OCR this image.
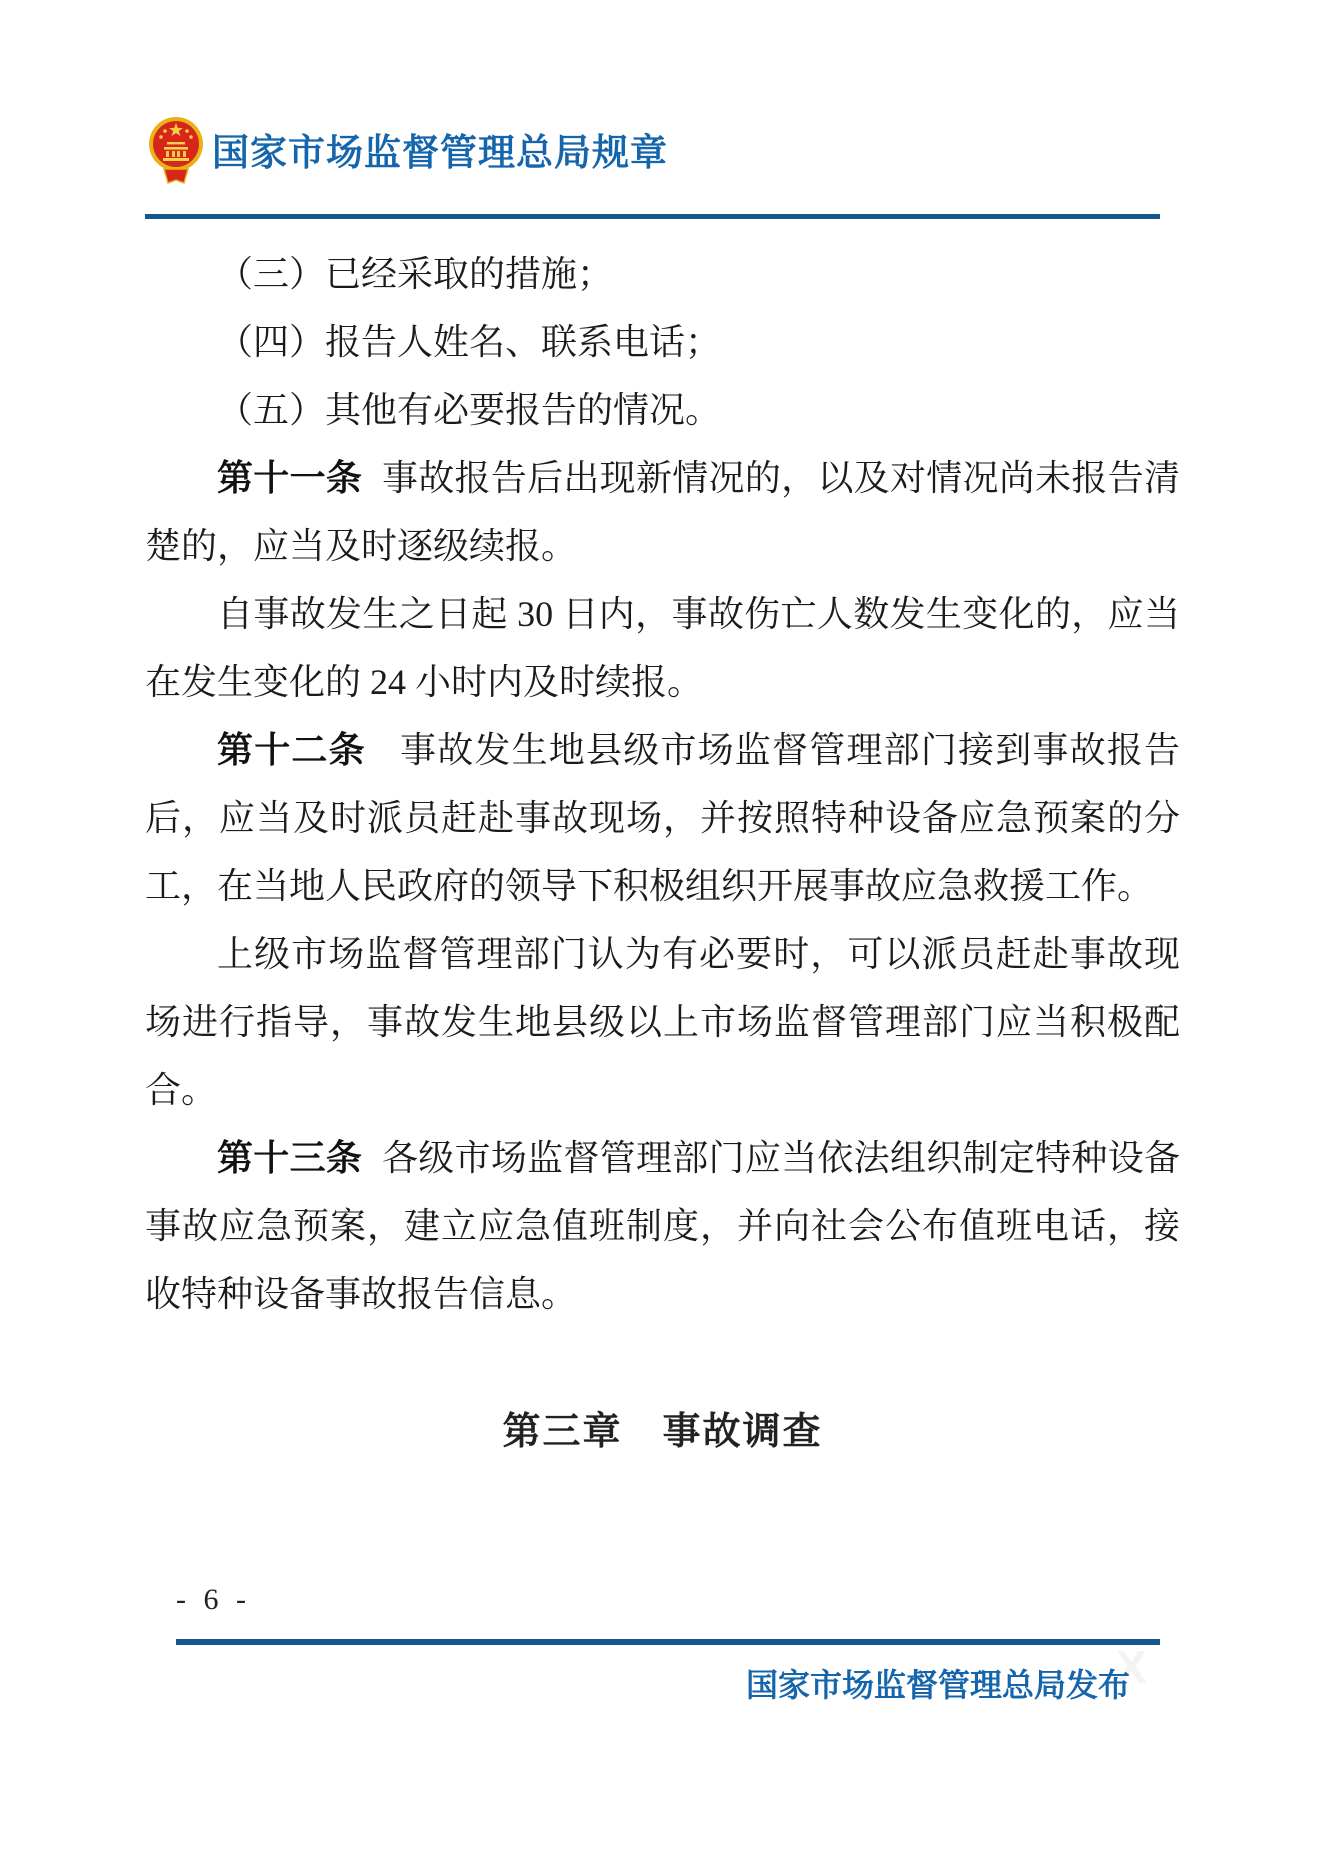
国家市场监督管理总局规章

（三）已经采取的措施；

（四）报告人姓名、联系电话；

（五）其他有必要报告的情况。

第十一条 事故报告后出现新情况的，以及对情况尚未报告清楚的，应当及时逐级续报。

自事故发生之日起 30 日内，事故伤亡人数发生变化的，应当在发生变化的 24 小时内及时续报。

第十二条 事故发生地县级市场监督管理部门接到事故报告后，应当及时派员赶赴事故现场，并按照特种设备应急预案的分工，在当地人民政府的领导下积极组织开展事故应急救援工作。

上级市场监督管理部门认为有必要时，可以派员赶赴事故现场进行指导，事故发生地县级以上市场监督管理部门应当积极配合。

第十三条 各级市场监督管理部门应当依法组织制定特种设备事故应急预案，建立应急值班制度，并向社会公布值班电话，接收特种设备事故报告信息。

第三章　事故调查
- 6 -
X
国家市场监督管理总局发布
